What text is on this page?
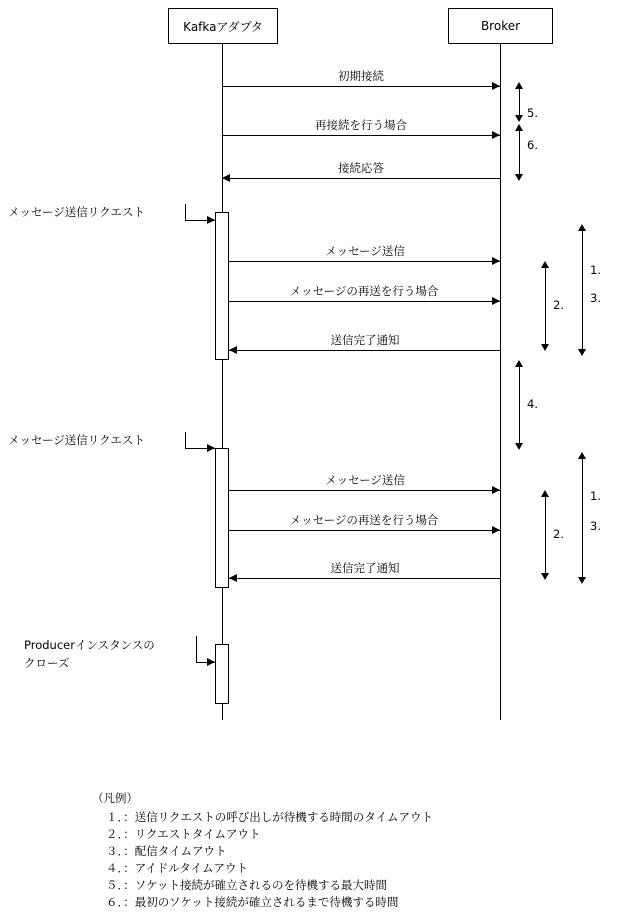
Kafkaアダプタ	Broker
初期接続
再接続を行う場合
接続応答
メッセージ送信リクエスト
メッセージ送信
メッセージの再送を行う場合
送信完了通知
メッセージ送信リクエスト
メッセージ送信
メッセージの再送を行う場合
送信完了通知
Producerインスタンスの
クローズ
5.
6.
1.
3.
2.
4.
1.
3.
2.
（凡例）
１．：送信リクエストの呼び出しが待機する時間のタイムアウト
２．：リクエストタイムアウト
３．：配信タイムアウト
４．：アイドルタイムアウト
５．：ソケット接続が確立されるのを待機する最大時間
６．：最初のソケット接続が確立されるまで待機する時間
